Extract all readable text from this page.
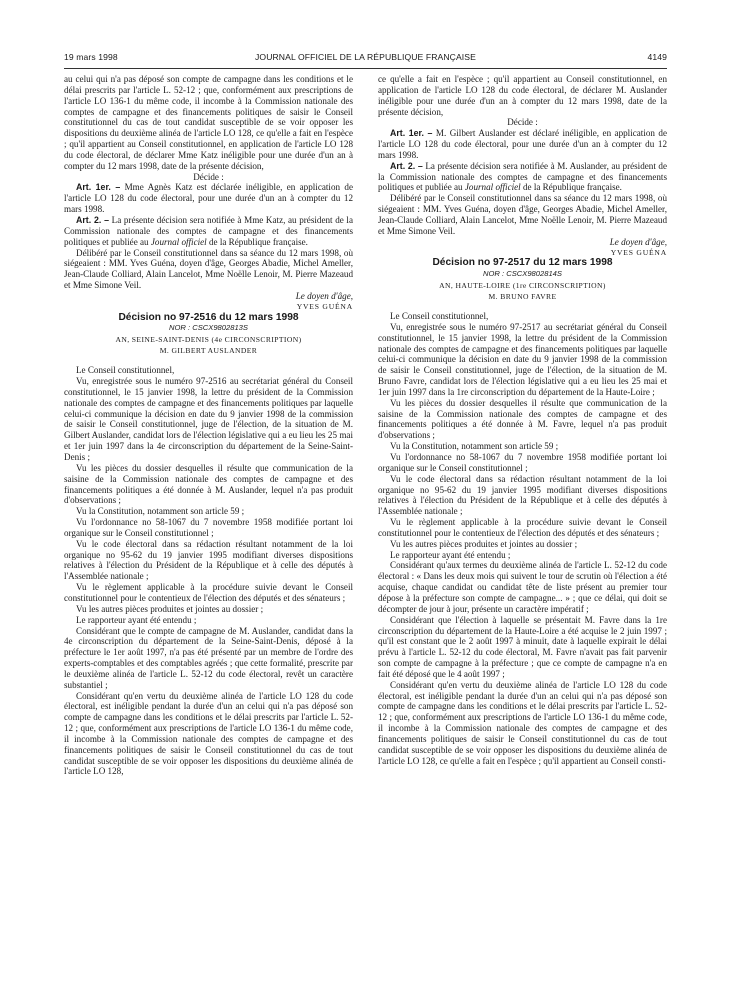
19 mars 1998	JOURNAL OFFICIEL DE LA RÉPUBLIQUE FRANÇAISE	4149

au celui qui n'a pas déposé son compte de campagne dans les conditions et le délai prescrits par l'article L. 52-12 ; que, conformément aux prescriptions de l'article LO 136-1 du même code, il incombe à la Commission nationale des comptes de campagne et des financements politiques de saisir le Conseil constitutionnel du cas de tout candidat susceptible de se voir opposer les dispositions du deuxième alinéa de l'article LO 128, ce qu'elle a fait en l'espèce ; qu'il appartient au Conseil constitutionnel, en application de l'article LO 128 du code électoral, de déclarer Mme Katz inéligible pour une durée d'un an à compter du 12 mars 1998, date de la présente décision,

Décide :

Art. 1er. – Mme Agnès Katz est déclarée inéligible, en application de l'article LO 128 du code électoral, pour une durée d'un an à compter du 12 mars 1998.

Art. 2. – La présente décision sera notifiée à Mme Katz, au président de la Commission nationale des comptes de campagne et des financements politiques et publiée au Journal officiel de la République française.

Délibéré par le Conseil constitutionnel dans sa séance du 12 mars 1998, où siégeaient : MM. Yves Guéna, doyen d'âge, Georges Abadie, Michel Ameller, Jean-Claude Colliard, Alain Lancelot, Mme Noëlle Lenoir, M. Pierre Mazeaud et Mme Simone Veil.

Le doyen d'âge,

YVES GUÉNA

Décision no 97-2516 du 12 mars 1998

NOR : CSCX9802813S

AN, SEINE-SAINT-DENIS (4e CIRCONSCRIPTION)

M. GILBERT AUSLANDER

Le Conseil constitutionnel,

Vu, enregistrée sous le numéro 97-2516 au secrétariat général du Conseil constitutionnel, le 15 janvier 1998, la lettre du président de la Commission nationale des comptes de campagne et des financements politiques par laquelle celui-ci communique la décision en date du 9 janvier 1998 de la commission de saisir le Conseil constitutionnel, juge de l'élection, de la situation de M. Gilbert Auslander, candidat lors de l'élection législative qui a eu lieu les 25 mai et 1er juin 1997 dans la 4e circonscription du département de la Seine-Saint-Denis ;

Vu les pièces du dossier desquelles il résulte que communication de la saisine de la Commission nationale des comptes de campagne et des financements politiques a été donnée à M. Auslander, lequel n'a pas produit d'observations ;

Vu la Constitution, notamment son article 59 ;

Vu l'ordonnance no 58-1067 du 7 novembre 1958 modifiée portant loi organique sur le Conseil constitutionnel ;

Vu le code électoral dans sa rédaction résultant notamment de la loi organique no 95-62 du 19 janvier 1995 modifiant diverses dispositions relatives à l'élection du Président de la République et à celle des députés à l'Assemblée nationale ;

Vu le règlement applicable à la procédure suivie devant le Conseil constitutionnel pour le contentieux de l'élection des députés et des sénateurs ;

Vu les autres pièces produites et jointes au dossier ;

Le rapporteur ayant été entendu ;

Considérant que le compte de campagne de M. Auslander, candidat dans la 4e circonscription du département de la Seine-Saint-Denis, déposé à la préfecture le 1er août 1997, n'a pas été présenté par un membre de l'ordre des experts-comptables et des comptables agréés ; que cette formalité, prescrite par le deuxième alinéa de l'article L. 52-12 du code électoral, revêt un caractère substantiel ;

Considérant qu'en vertu du deuxième alinéa de l'article LO 128 du code électoral, est inéligible pendant la durée d'un an celui qui n'a pas déposé son compte de campagne dans les conditions et le délai prescrits par l'article L. 52-12 ; que, conformément aux prescriptions de l'article LO 136-1 du même code, il incombe à la Commission nationale des comptes de campagne et des financements politiques de saisir le Conseil constitutionnel du cas de tout candidat susceptible de se voir opposer les dispositions du deuxième alinéa de l'article LO 128,

ce qu'elle a fait en l'espèce ; qu'il appartient au Conseil constitutionnel, en application de l'article LO 128 du code électoral, de déclarer M. Auslander inéligible pour une durée d'un an à compter du 12 mars 1998, date de la présente décision,

Décide :

Art. 1er. – M. Gilbert Auslander est déclaré inéligible, en application de l'article LO 128 du code électoral, pour une durée d'un an à compter du 12 mars 1998.

Art. 2. – La présente décision sera notifiée à M. Auslander, au président de la Commission nationale des comptes de campagne et des financements politiques et publiée au Journal officiel de la République française.

Délibéré par le Conseil constitutionnel dans sa séance du 12 mars 1998, où siégeaient : MM. Yves Guéna, doyen d'âge, Georges Abadie, Michel Ameller, Jean-Claude Colliard, Alain Lancelot, Mme Noëlle Lenoir, M. Pierre Mazeaud et Mme Simone Veil.

Le doyen d'âge,

YVES GUÉNA

Décision no 97-2517 du 12 mars 1998

NOR : CSCX9802814S

AN, HAUTE-LOIRE (1re CIRCONSCRIPTION)

M. BRUNO FAVRE

Le Conseil constitutionnel,

Vu, enregistrée sous le numéro 97-2517 au secrétariat général du Conseil constitutionnel, le 15 janvier 1998, la lettre du président de la Commission nationale des comptes de campagne et des financements politiques par laquelle celui-ci communique la décision en date du 9 janvier 1998 de la commission de saisir le Conseil constitutionnel, juge de l'élection, de la situation de M. Bruno Favre, candidat lors de l'élection législative qui a eu lieu les 25 mai et 1er juin 1997 dans la 1re circonscription du département de la Haute-Loire ;

Vu les pièces du dossier desquelles il résulte que communication de la saisine de la Commission nationale des comptes de campagne et des financements politiques a été donnée à M. Favre, lequel n'a pas produit d'observations ;

Vu la Constitution, notamment son article 59 ;

Vu l'ordonnance no 58-1067 du 7 novembre 1958 modifiée portant loi organique sur le Conseil constitutionnel ;

Vu le code électoral dans sa rédaction résultant notamment de la loi organique no 95-62 du 19 janvier 1995 modifiant diverses dispositions relatives à l'élection du Président de la République et à celle des députés à l'Assemblée nationale ;

Vu le règlement applicable à la procédure suivie devant le Conseil constitutionnel pour le contentieux de l'élection des députés et des sénateurs ;

Vu les autres pièces produites et jointes au dossier ;

Le rapporteur ayant été entendu ;

Considérant qu'aux termes du deuxième alinéa de l'article L. 52-12 du code électoral : « Dans les deux mois qui suivent le tour de scrutin où l'élection a été acquise, chaque candidat ou candidat tête de liste présent au premier tour dépose à la préfecture son compte de campagne... » ; que ce délai, qui doit se décompter de jour à jour, présente un caractère impératif ;

Considérant que l'élection à laquelle se présentait M. Favre dans la 1re circonscription du département de la Haute-Loire a été acquise le 2 juin 1997 ; qu'il est constant que le 2 août 1997 à minuit, date à laquelle expirait le délai prévu à l'article L. 52-12 du code électoral, M. Favre n'avait pas fait parvenir son compte de campagne à la préfecture ; que ce compte de campagne n'a en fait été déposé que le 4 août 1997 ;

Considérant qu'en vertu du deuxième alinéa de l'article LO 128 du code électoral, est inéligible pendant la durée d'un an celui qui n'a pas déposé son compte de campagne dans les conditions et le délai prescrits par l'article L. 52-12 ; que, conformément aux prescriptions de l'article LO 136-1 du même code, il incombe à la Commission nationale des comptes de campagne et des financements politiques de saisir le Conseil constitutionnel du cas de tout candidat susceptible de se voir opposer les dispositions du deuxième alinéa de l'article LO 128, ce qu'elle a fait en l'espèce ; qu'il appartient au Conseil consti-
